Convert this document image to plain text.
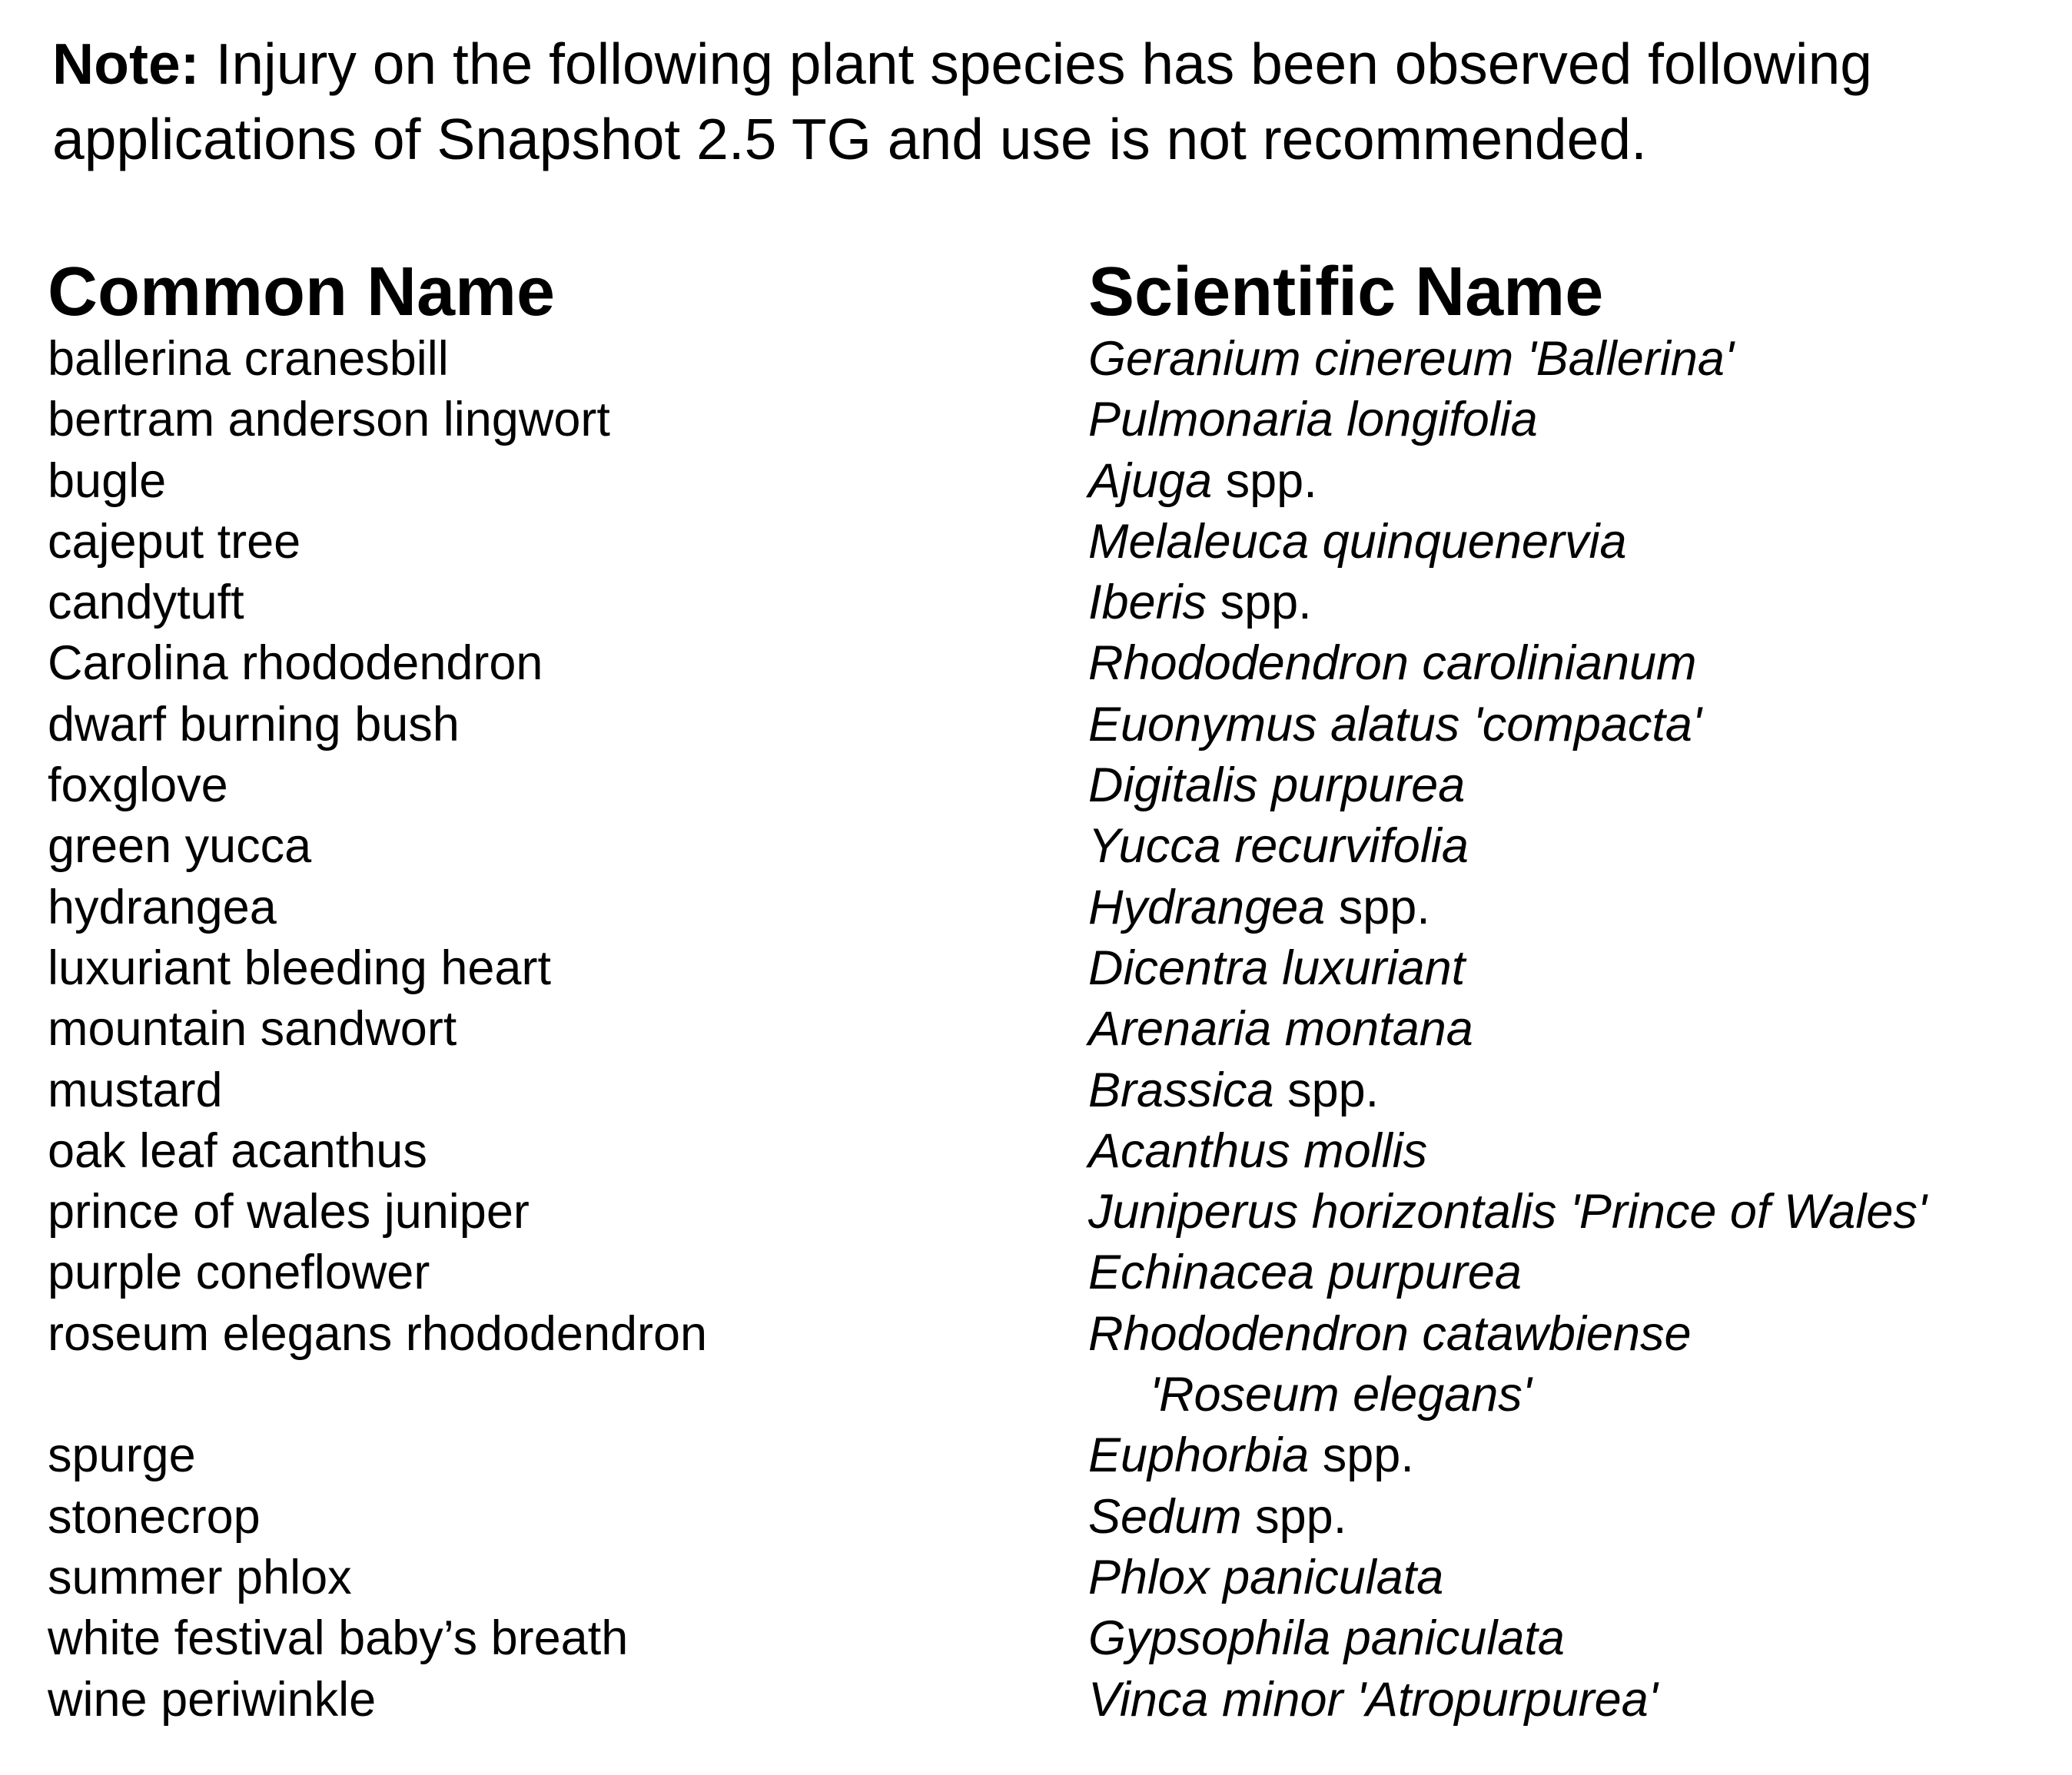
Note: Injury on the following plant species has been observed following applications of Snapshot 2.5 TG and use is not recommended.

Common Name	Scientific Name
ballerina cranesbill	Geranium cinereum 'Ballerina'
bertram anderson lingwort	Pulmonaria longifolia
bugle	Ajuga spp.
cajeput tree	Melaleuca quinquenervia
candytuft	Iberis spp.
Carolina rhododendron	Rhododendron carolinianum
dwarf burning bush	Euonymus alatus 'compacta'
foxglove	Digitalis purpurea
green yucca	Yucca recurvifolia
hydrangea	Hydrangea spp.
luxuriant bleeding heart	Dicentra luxuriant
mountain sandwort	Arenaria montana
mustard	Brassica spp.
oak leaf acanthus	Acanthus mollis
prince of wales juniper	Juniperus horizontalis 'Prince of Wales'
purple coneflower	Echinacea purpurea
roseum elegans rhododendron	Rhododendron catawbiense
'Roseum elegans'
spurge	Euphorbia spp.
stonecrop	Sedum spp.
summer phlox	Phlox paniculata
white festival baby’s breath	Gypsophila paniculata
wine periwinkle	Vinca minor 'Atropurpurea'
